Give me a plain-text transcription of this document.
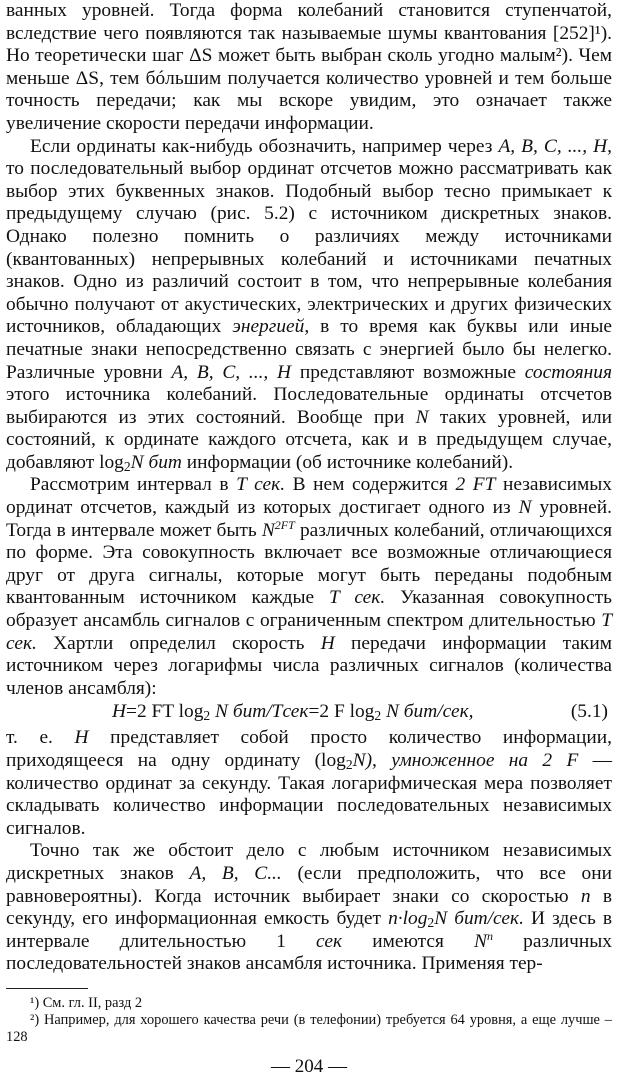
ванных уровней. Тогда форма колебаний становится ступенчатой, вследствие чего появляются так называемые шумы квантования [252]¹). Но теоретически шаг ΔS может быть выбран сколь угодно малым²). Чем меньше ΔS, тем бóльшим получается количество уровней и тем больше точность передачи; как мы вскоре увидим, это означает также увеличение скорости передачи информации.

Если ординаты как-нибудь обозначить, например через A, B, C, ..., H, то последовательный выбор ординат отсчетов можно рассматривать как выбор этих буквенных знаков. Подобный выбор тесно примыкает к предыдущему случаю (рис. 5.2) с источником дискретных знаков. Однако полезно помнить о различиях между источниками (квантованных) непрерывных колебаний и источниками печатных знаков. Одно из различий состоит в том, что непрерывные колебания обычно получают от акустических, электрических и других физических источников, обладающих энергией, в то время как буквы или иные печатные знаки непосредственно связать с энергией было бы нелегко. Различные уровни A, B, C, ..., H представляют возможные состояния этого источника колебаний. Последовательные ординаты отсчетов выбираются из этих состояний. Вообще при N таких уровней, или состояний, к ординате каждого отсчета, как и в предыдущем случае, добавляют $\log_2N$ бит информации (об источнике колебаний).

Рассмотрим интервал в T сек. В нем содержится 2 FT независимых ординат отсчетов, каждый из которых достигает одного из N уровней. Тогда в интервале может быть $N^{2FT}$ различных колебаний, отличающихся по форме. Эта совокупность включает все возможные отличающиеся друг от друга сигналы, которые могут быть переданы подобным квантованным источником каждые T сек. Указанная совокупность образует ансамбль сигналов с ограниченным спектром длительностью T сек. Хартли определил скорость H передачи информации таким источником через логарифмы числа различных сигналов (количества членов ансамбля):

H=2 FT $\log_2 N$ бит/Tсек=2 F $\log_2 N$ бит/сек,	(5.1)

т. е. H представляет собой просто количество информации, приходящееся на одну ординату $(\log_2N)$, умноженное на 2 F — количество ординат за секунду. Такая логарифмическая мера позволяет складывать количество информации последовательных независимых сигналов.

Точно так же обстоит дело с любым источником независимых дискретных знаков A, B, C... (если предположить, что все они равновероятны). Когда источник выбирает знаки со скоростью n в секунду, его информационная емкость будет $n\cdot\log_2N$ бит/сек. И здесь в интервале длительностью 1 сек имеются $N^n$ различных последовательностей знаков ансамбля источника. Применяя тер-

¹) См. гл. II, разд 2

²) Например, для хорошего качества речи (в телефонии) требуется 64 уровня, а еще лучше – 128

— 204 —
